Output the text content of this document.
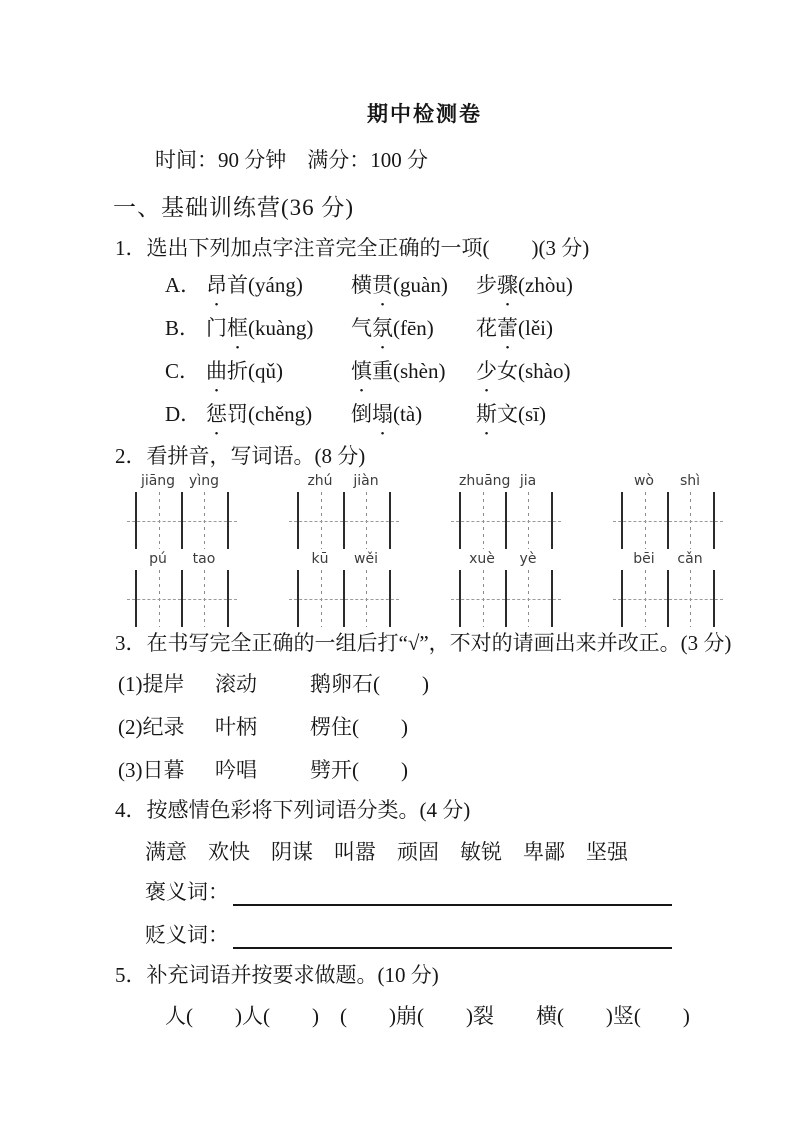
期中检测卷
时间：90 分钟　满分：100 分
一、基础训练营(36 分)
1．选出下列加点字注音完全正确的一项(　　)(3 分)
A． 昂首(yáng)	横贯(guàn)	步骤(zhòu)
B． 门框(kuàng)	气氛(fēn)	花蕾(lěi)
C． 曲折(qǔ)	慎重(shèn)	少女(shào)
D． 惩罚(chěng)	倒塌(tà)	斯文(sī)
2．看拼音，写词语。(8 分)
jiāng yìng	zhú	jiàn	zhuāng jia	wò	shì
pú	tao	kū	wěi	xuè	yè	bēi	cǎn
3．在书写完全正确的一组后打“√”，不对的请画出来并改正。(3 分)
(1)提岸	滚动	鹅卵石(　　)
(2)纪录	叶柄	楞住(　　)
(3)日暮	吟唱	劈开(　　)
4．按感情色彩将下列词语分类。(4 分)
满意　欢快　阴谋　叫嚣　顽固　敏锐　卑鄙　坚强
褒义词：
贬义词：
5．补充词语并按要求做题。(10 分)
人(　　)人(　　)　(　　)崩(　　)裂　　横(　　)竖(　　)
